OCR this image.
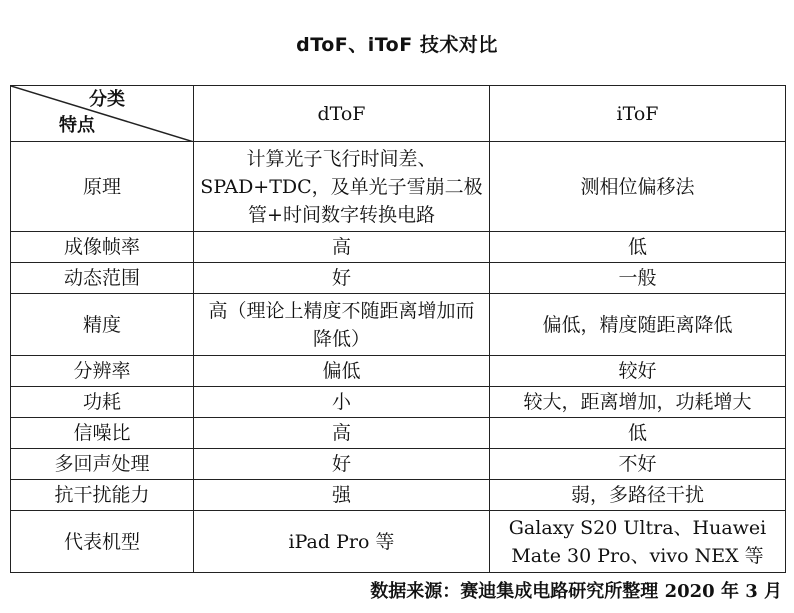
dToF、iToF 技术对比
分类
特点	dToF	iToF
原理	计算光子飞行时间差、SPAD+TDC，及单光子雪崩二极管+时间数字转换电路	测相位偏移法
成像帧率	高	低
动态范围	好	一般
精度	高（理论上精度不随距离增加而降低）	偏低，精度随距离降低
分辨率	偏低	较好
功耗	小	较大，距离增加，功耗增大
信噪比	高	低
多回声处理	好	不好
抗干扰能力	强	弱，多路径干扰
代表机型	iPad Pro 等	Galaxy S20 Ultra、Huawei Mate 30 Pro、vivo NEX 等
数据来源：赛迪集成电路研究所整理 2020 年 3 月
